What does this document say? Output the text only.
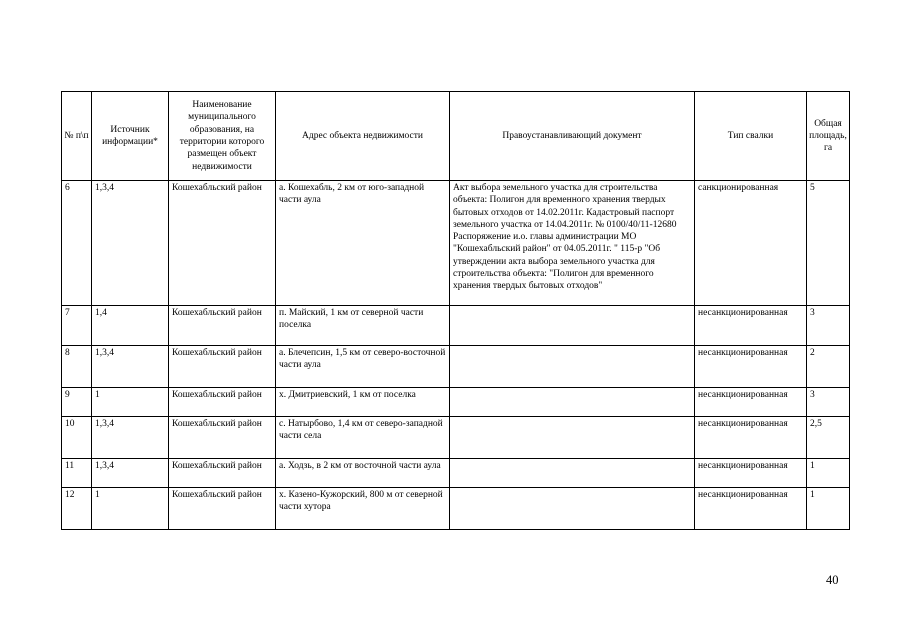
№ п\п	Источник информации*	Наименование муниципального образования, на территории которого размещен объект недвижимости	Адрес объекта недвижимости	Правоустанавливающий документ	Тип свалки	Общая площадь, га
6	1,3,4	Кошехабльский район	а. Кошехабль, 2 км от юго-западной части аула	Акт выбора земельного участка для строительства объекта: Полигон для временного хранения твердых бытовых отходов от 14.02.2011г. Кадастровый паспорт земельного участка от 14.04.2011г. № 0100/40/11-12680 Распоряжение и.о. главы администрации МО "Кошехабльский район" от 04.05.2011г. " 115-р "Об утверждении акта выбора земельного участка для строительства объекта: "Полигон для временного хранения твердых бытовых отходов"	санкционированная	5
7	1,4	Кошехабльский район	п. Майский, 1 км от северной части поселка		несанкционированная	3
8	1,3,4	Кошехабльский район	а. Блечепсин, 1,5 км от северо-восточной части аула		несанкционированная	2
9	1	Кошехабльский район	х. Дмитриевский, 1 км от поселка		несанкционированная	3
10	1,3,4	Кошехабльский район	с. Натырбово, 1,4 км от северо-западной части села		несанкционированная	2,5
11	1,3,4	Кошехабльский район	а. Ходзь, в 2 км от восточной части аула		несанкционированная	1
12	1	Кошехабльский район	х. Казено-Кужорский, 800 м от северной части хутора		несанкционированная	1
40
